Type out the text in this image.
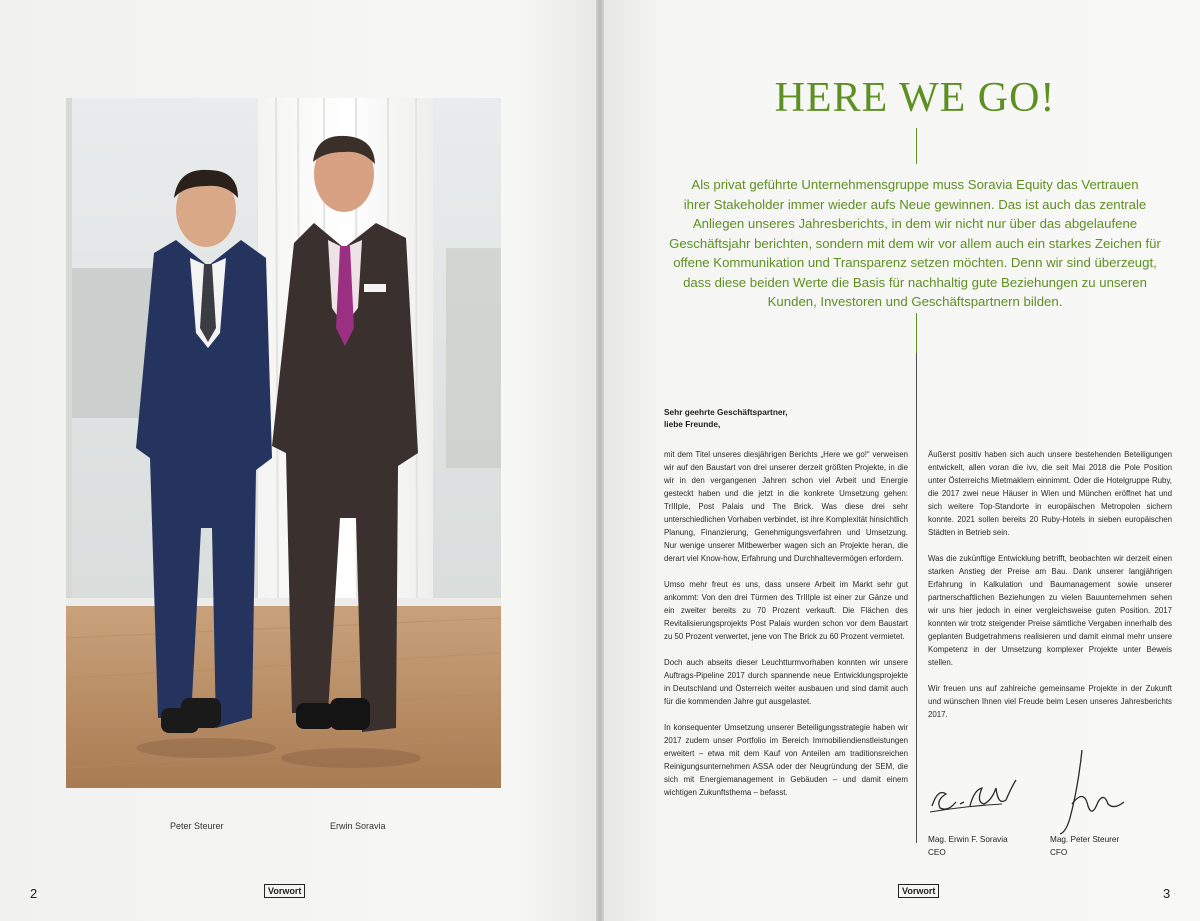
Peter Steurer	Erwin Soravia
Vorwort
2
HERE WE GO!
Als privat geführte Unternehmensgruppe muss Soravia Equity das Vertrauen
ihrer Stakeholder immer wieder aufs Neue gewinnen. Das ist auch das zentrale
Anliegen unseres Jahresberichts, in dem wir nicht nur über das abgelaufene
Geschäftsjahr berichten, sondern mit dem wir vor allem auch ein starkes Zeichen für
offene Kommunikation und Transparenz setzen möchten. Denn wir sind überzeugt,
dass diese beiden Werte die Basis für nachhaltig gute Beziehungen zu unseren
Kunden, Investoren und Geschäftspartnern bilden.
Sehr geehrte Geschäftspartner,
liebe Freunde,

mit dem Titel unseres diesjährigen Berichts „Here we go!“ verweisen wir auf den Baustart von drei unserer derzeit größten Projekte, in die wir in den vergangenen Jahren schon viel Arbeit und Energie gesteckt haben und die jetzt in die konkrete Umsetzung gehen: TrIIIple, Post Palais und The Brick. Was diese drei sehr unterschiedlichen Vorhaben verbindet, ist ihre Komplexität hinsichtlich Planung, Finanzierung, Genehmigungsverfahren und Umsetzung. Nur wenige unserer Mitbewerber wagen sich an Projekte heran, die derart viel Know-how, Erfahrung und Durchhaltevermögen erfordern.

Umso mehr freut es uns, dass unsere Arbeit im Markt sehr gut ankommt: Von den drei Türmen des TrIIIple ist einer zur Gänze und ein zweiter bereits zu 70 Prozent verkauft. Die Flächen des Revitalisierungsprojekts Post Palais wurden schon vor dem Baustart zu 50 Prozent verwertet, jene von The Brick zu 60 Prozent vermietet.

Doch auch abseits dieser Leuchtturmvorhaben konnten wir unsere Auftrags-Pipeline 2017 durch spannende neue Entwicklungsprojekte in Deutschland und Österreich weiter ausbauen und sind damit auch für die kommenden Jahre gut ausgelastet.

In konsequenter Umsetzung unserer Beteiligungsstrategie haben wir 2017 zudem unser Portfolio im Bereich Immobiliendienstleistungen erweitert – etwa mit dem Kauf von Anteilen am traditionsreichen Reinigungsunternehmen ASSA oder der Neugründung der SEM, die sich mit Energiemanagement in Gebäuden – und damit einem wichtigen Zukunftsthema – befasst.

Äußerst positiv haben sich auch unsere bestehenden Beteiligungen entwickelt, allen voran die ivv, die seit Mai 2018 die Pole Position unter Österreichs Mietmaklern einnimmt. Oder die Hotelgruppe Ruby, die 2017 zwei neue Häuser in Wien und München eröffnet hat und sich weitere Top-Standorte in europäischen Metropolen sichern konnte. 2021 sollen bereits 20 Ruby-Hotels in sieben europäischen Städten in Betrieb sein.

Was die zukünftige Entwicklung betrifft, beobachten wir derzeit einen starken Anstieg der Preise am Bau. Dank unserer langjährigen Erfahrung in Kalkulation und Baumanagement sowie unserer partnerschaftlichen Beziehungen zu vielen Bauunternehmen sehen wir uns hier jedoch in einer vergleichsweise guten Position. 2017 konnten wir trotz steigender Preise sämtliche Vergaben innerhalb des geplanten Budgetrahmens realisieren und damit einmal mehr unsere Kompetenz in der Umsetzung komplexer Projekte unter Beweis stellen.

Wir freuen uns auf zahlreiche gemeinsame Projekte in der Zukunft und wünschen Ihnen viel Freude beim Lesen unseres Jahresberichts 2017.

Mag. Erwin F. Soravia
CEO
Mag. Peter Steurer
CFO
Vorwort	3
